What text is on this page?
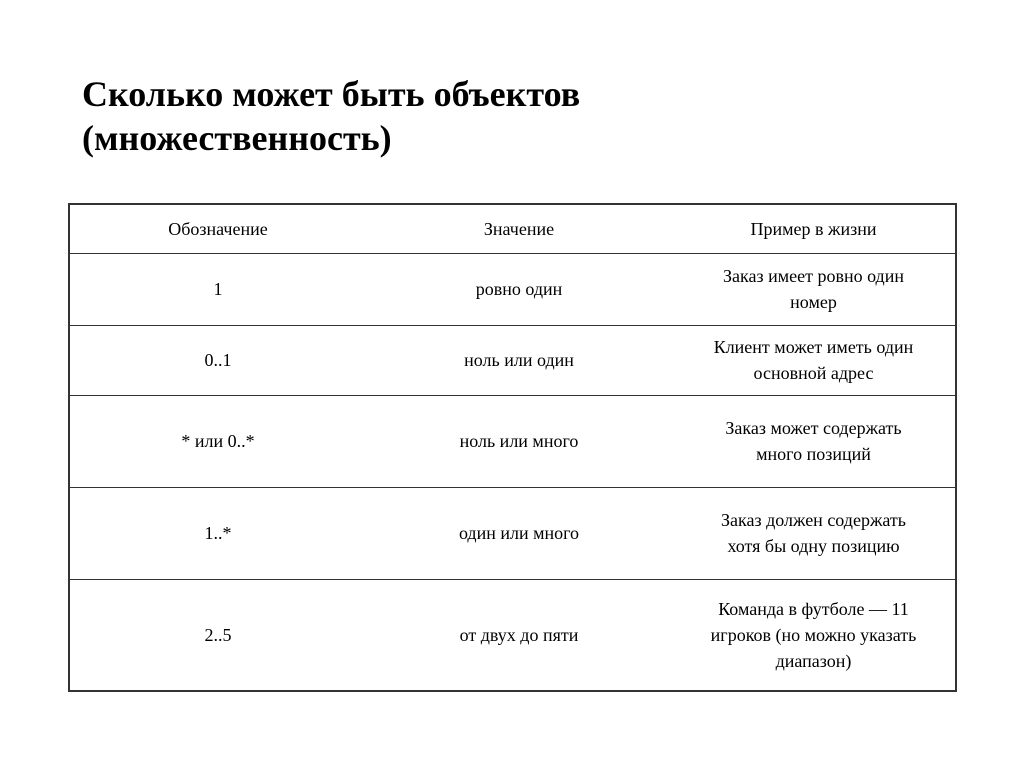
Сколько может быть объектов
(множественность)
Обозначение	Значение	Пример в жизни
1	ровно один	Заказ имеет ровно один
номер

0..1	ноль или один	Клиент может иметь один
основной адрес

* или 0..*	ноль или много	Заказ может содержать
много позиций

1..*	один или много	Заказ должен содержать
хотя бы одну позицию

2..5	от двух до пяти	Команда в футболе — 11
игроков (но можно указать
диапазон)
